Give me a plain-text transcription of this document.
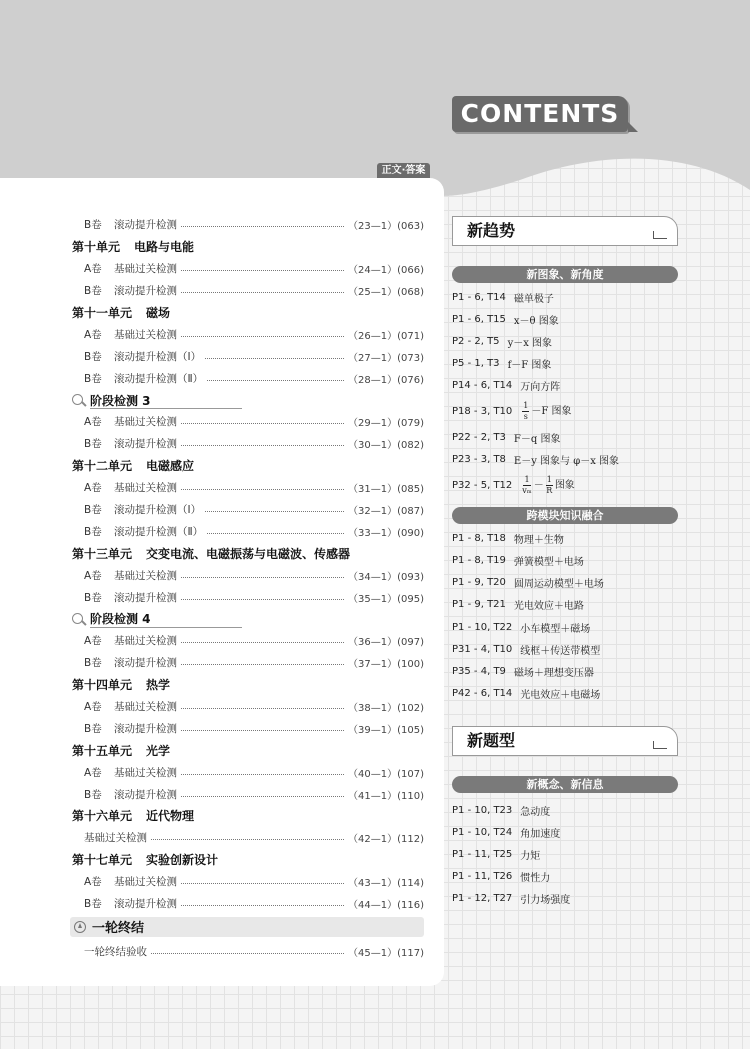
CONTENTS
正文·答案
B卷	滚动提升检测	（23—1）(063)
第十单元 电路与电能
A卷	基础过关检测	（24—1）(066)
B卷	滚动提升检测	（25—1）(068)
第十一单元 磁场
A卷	基础过关检测	（26—1）(071)
B卷	滚动提升检测（Ⅰ）	（27—1）(073)
B卷	滚动提升检测（Ⅱ）	（28—1）(076)
阶段检测 3
A卷	基础过关检测	（29—1）(079)
B卷	滚动提升检测	（30—1）(082)
第十二单元 电磁感应
A卷	基础过关检测	（31—1）(085)
B卷	滚动提升检测（Ⅰ）	（32—1）(087)
B卷	滚动提升检测（Ⅱ）	（33—1）(090)
第十三单元 交变电流、电磁振荡与电磁波、传感器
A卷	基础过关检测	（34—1）(093)
B卷	滚动提升检测	（35—1）(095)
阶段检测 4
A卷	基础过关检测	（36—1）(097)
B卷	滚动提升检测	（37—1）(100)
第十四单元 热学
A卷	基础过关检测	（38—1）(102)
B卷	滚动提升检测	（39—1）(105)
第十五单元 光学
A卷	基础过关检测	（40—1）(107)
B卷	滚动提升检测	（41—1）(110)
第十六单元 近代物理
基础过关检测	（42—1）(112)
第十七单元 实验创新设计
A卷	基础过关检测	（43—1）(114)
B卷	滚动提升检测	（44—1）(116)
一轮终结
一轮终结验收	（45—1）(117)
新趋势
新图象、新角度
P1 - 6, T14 磁单极子
P1 - 6, T15 x－θ 图象
P2 - 2, T5 y－x 图象
P5 - 1, T3 f－F 图象
P14 - 6, T14 万向方阵
P18 - 3, $T10 \frac{1}{s} -F$ 图象
P22 - 2, T3 F－q 图象
P23 - 3, T8 E－y 图象与 φ－x 图象
P32 - 5, $T12 \frac{1}{\text{vₘ}} - \frac{1}{R}$ 图象
跨模块知识融合
P1 - 8, T18 物理＋生物
P1 - 8, T19 弹簧模型＋电场
P1 - 9, T20 圆周运动模型＋电场
P1 - 9, T21 光电效应＋电路
P1 - 10, T22 小车模型＋磁场
P31 - 4, T10 线框＋传送带模型
P35 - 4, T9 磁场＋理想变压器
P42 - 6, T14 光电效应＋电磁场
新题型
新概念、新信息
P1 - 10, T23 急动度
P1 - 10, T24 角加速度
P1 - 11, T25 力矩
P1 - 11, T26 惯性力
P1 - 12, T27 引力场强度
